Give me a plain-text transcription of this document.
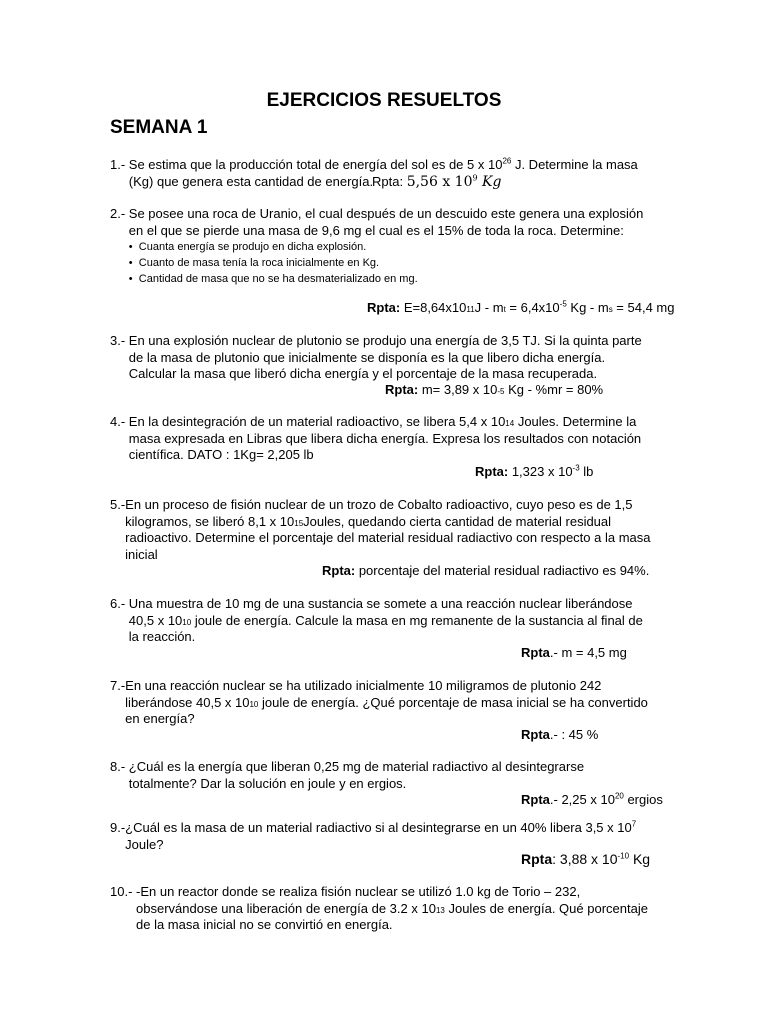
EJERCICIOS RESUELTOS
SEMANA 1
1.- Se estima que la producción total de energía del sol es de 5 x $10^{26}$ J. Determine la masa (Kg) que genera esta cantidad de energía.
Rpta: 5,56 x $10^9$ Kg
2.- Se posee una roca de Uranio, el cual después de un descuido este genera una explosión en el que se pierde una masa de 9,6 mg el cual es el 15% de toda la roca. Determine:
• Cuanta energía se produjo en dicha explosión.
• Cuanto de masa tenía la roca inicialmente en Kg.
• Cantidad de masa que no se ha desmaterializado en mg.
Rpta: E=8,64x1011J - mt = $6,4x10^{-5}$ Kg - ms = 54,4 mg
3.- En una explosión nuclear de plutonio se produjo una energía de 3,5 TJ. Si la quinta parte de la masa de plutonio que inicialmente se disponía es la que libero dicha energía. Calcular la masa que liberó dicha energía y el porcentaje de la masa recuperada.
Rpta: m= 3,89 x 10-5 Kg - %mr = 80%
4.- En la desintegración de un material radioactivo, se libera 5,4 x 1014 Joules. Determine la masa expresada en Libras que libera dicha energía. Expresa los resultados con notación científica. DATO : 1Kg= 2,205 lb
Rpta: 1,323 x $10^{-3}$ lb
5.- En un proceso de fisión nuclear de un trozo de Cobalto radioactivo, cuyo peso es de 1,5 kilogramos, se liberó 8,1 x 1015Joules, quedando cierta cantidad de material residual radioactivo. Determine el porcentaje del material residual radiactivo con respecto a la masa inicial
Rpta: porcentaje del material residual radiactivo es 94%.
6.- Una muestra de 10 mg de una sustancia se somete a una reacción nuclear liberándose 40,5 x 1010 joule de energía. Calcule la masa en mg remanente de la sustancia al final de la reacción.
Rpta.- m = 4,5 mg
7.- En una reacción nuclear se ha utilizado inicialmente 10 miligramos de plutonio 242 liberándose 40,5 x 1010 joule de energía. ¿Qué porcentaje de masa inicial se ha convertido en energía?
Rpta.- : 45 %
8.- ¿Cuál es la energía que liberan 0,25 mg de material radiactivo al desintegrarse totalmente? Dar la solución en joule y en ergios.
Rpta.- 2,25 x $10^{20}$ ergios
9.- ¿Cuál es la masa de un material radiactivo si al desintegrarse en un 40% libera 3,5 x $10^7$ Joule?
Rpta: 3,88 x $10^{-10}$ Kg
10.- -En un reactor donde se realiza fisión nuclear se utilizó 1.0 kg de Torio – 232, observándose una liberación de energía de 3.2 x 1013 Joules de energía. Qué porcentaje de la masa inicial no se convirtió en energía.
